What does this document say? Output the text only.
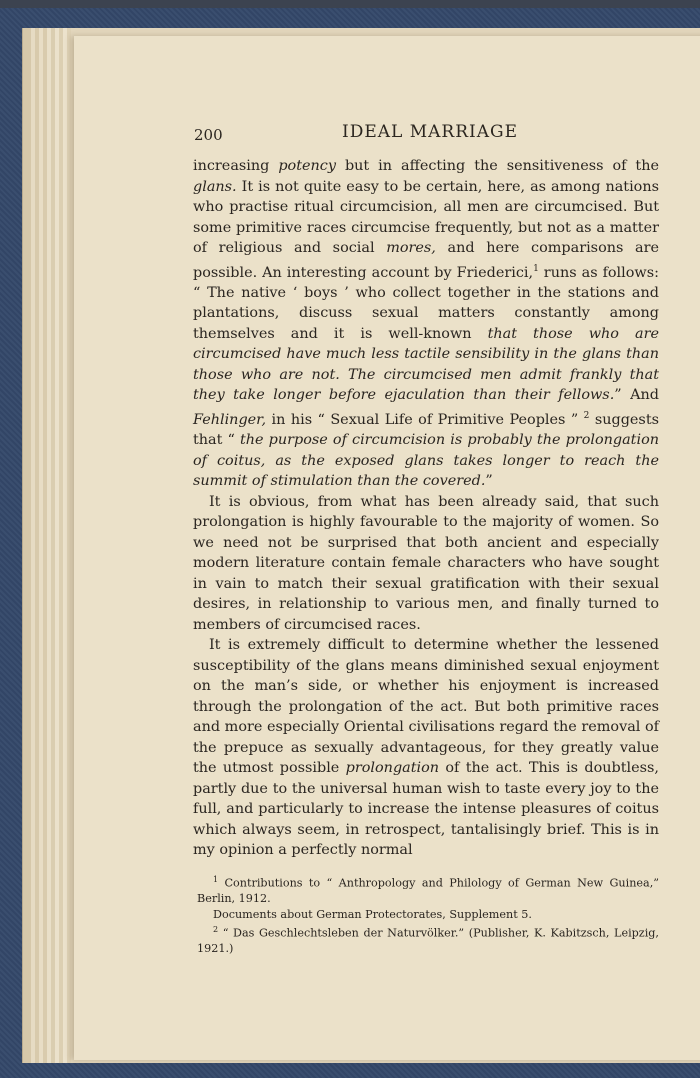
200	IDEAL MARRIAGE

increasing potency but in affecting the sensitiveness of the glans. It is not quite easy to be certain, here, as among nations who practise ritual circumcision, all men are circumcised. But some primitive races circumcise frequently, but not as a matter of religious and social mores, and here comparisons are possible. An interesting account by Friederici,$^1$ runs as follows: “ The native ‘ boys ’ who collect together in the stations and plantations, discuss sexual matters constantly among themselves and it is well-known that those who are circumcised have much less tactile sensibility in the glans than those who are not. The circumcised men admit frankly that they take longer before ejaculation than their fellows.” And Fehlinger, in his “ Sexual Life of Primitive Peoples ” $^2$ suggests that “ the purpose of circumcision is probably the prolongation of coitus, as the exposed glans takes longer to reach the summit of stimulation than the covered.”

It is obvious, from what has been already said, that such prolongation is highly favourable to the majority of women. So we need not be surprised that both ancient and especially modern literature contain female characters who have sought in vain to match their sexual gratification with their sexual desires, in relationship to various men, and finally turned to members of circumcised races.

It is extremely difficult to determine whether the lessened susceptibility of the glans means diminished sexual enjoyment on the man’s side, or whether his enjoyment is increased through the prolongation of the act. But both primitive races and more especially Oriental civilisations regard the removal of the prepuce as sexually advantageous, for they greatly value the utmost possible prolongation of the act. This is doubtless, partly due to the universal human wish to taste every joy to the full, and particularly to increase the intense pleasures of coitus which always seem, in retrospect, tantalisingly brief. This is in my opinion a perfectly normal

$^1$ Contributions to “ Anthropology and Philology of German New Guinea,” Berlin, 1912.

Documents about German Protectorates, Supplement 5.

$^2$ “ Das Geschlechtsleben der Naturvölker.” (Publisher, K. Kabitzsch, Leipzig, 1921.)
